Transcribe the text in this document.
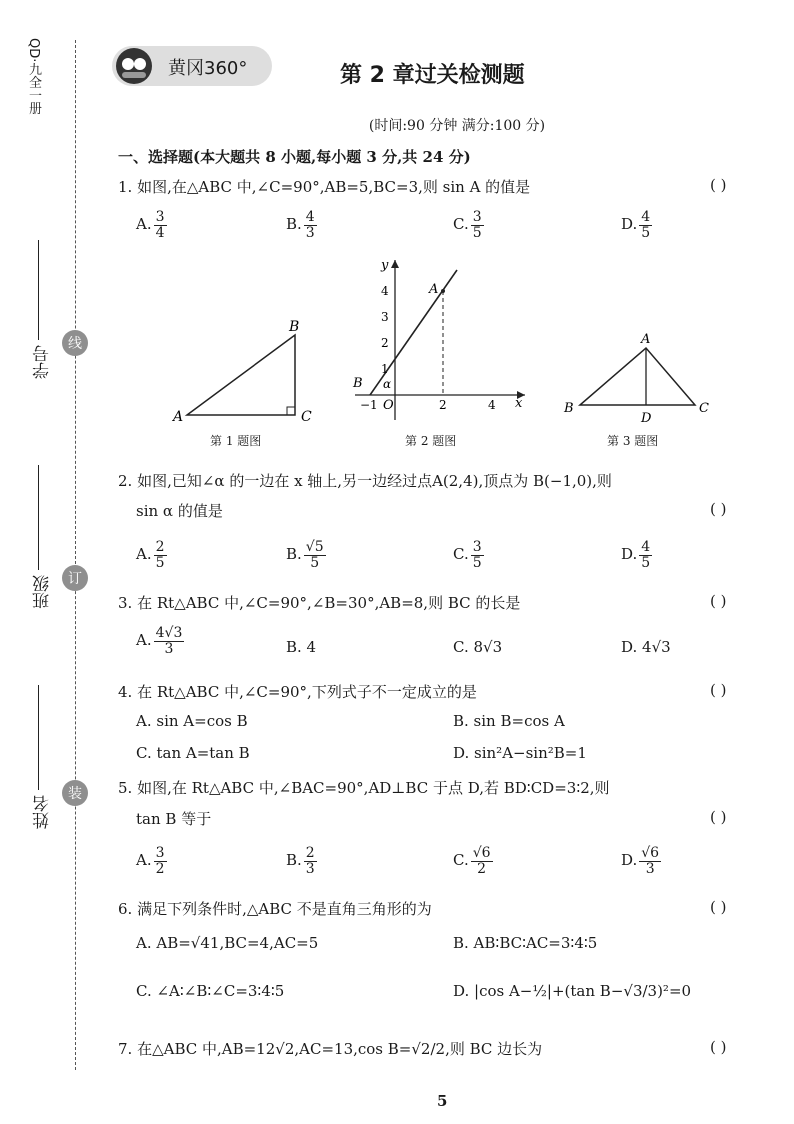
QD·九全一册
学号
班级
姓名
线
订
装
黄冈360°	第 2 章过关检测题
(时间:90 分钟 满分:100 分)
一、选择题(本大题共 8 小题,每小题 3 分,共 24 分)
1. 如图,在△ABC 中,∠C=90°,AB=5,BC=3,则 sin A 的值是	( )
A. $\frac{3}{4}$	B. $\frac{4}{3}$	C. $\frac{3}{5}$	D. $\frac{4}{5}$
A
B
C
第 1 题图
y
x
A
B
O
α
4
3
2
1
−1	2	4
第 2 题图
A
B	C
D
第 3 题图
2. 如图,已知∠α 的一边在 x 轴上,另一边经过点A(2,4),顶点为 B(−1,0),则
sin α 的值是	( )
A. $\frac{2}{5}$	B. $\frac{√5}{5}$	C. $\frac{3}{5}$	D. $\frac{4}{5}$
3. 在 Rt△ABC 中,∠C=90°,∠B=30°,AB=8,则 BC 的长是	( )
A. $\frac{4√3}{3}$	B. 4	C. 8√3	D. 4√3
4. 在 Rt△ABC 中,∠C=90°,下列式子不一定成立的是	( )
A. sin A=cos B	B. sin B=cos A
C. tan A=tan B	D. sin²A−sin²B=1
5. 如图,在 Rt△ABC 中,∠BAC=90°,AD⊥BC 于点 D,若 BD∶CD=3∶2,则
tan B 等于	( )
A. $\frac{3}{2}$	B. $\frac{2}{3}$	C. $\frac{√6}{2}$	D. $\frac{√6}{3}$
6. 满足下列条件时,△ABC 不是直角三角形的为	( )
A. AB=√41,BC=4,AC=5	B. AB∶BC∶AC=3∶4∶5
C. ∠A∶∠B∶∠C=3∶4∶5	D. |cos A−½|+(tan B−√3/3)²=0
7. 在△ABC 中,AB=12√2,AC=13,cos B=√2/2,则 BC 边长为	( )
5
